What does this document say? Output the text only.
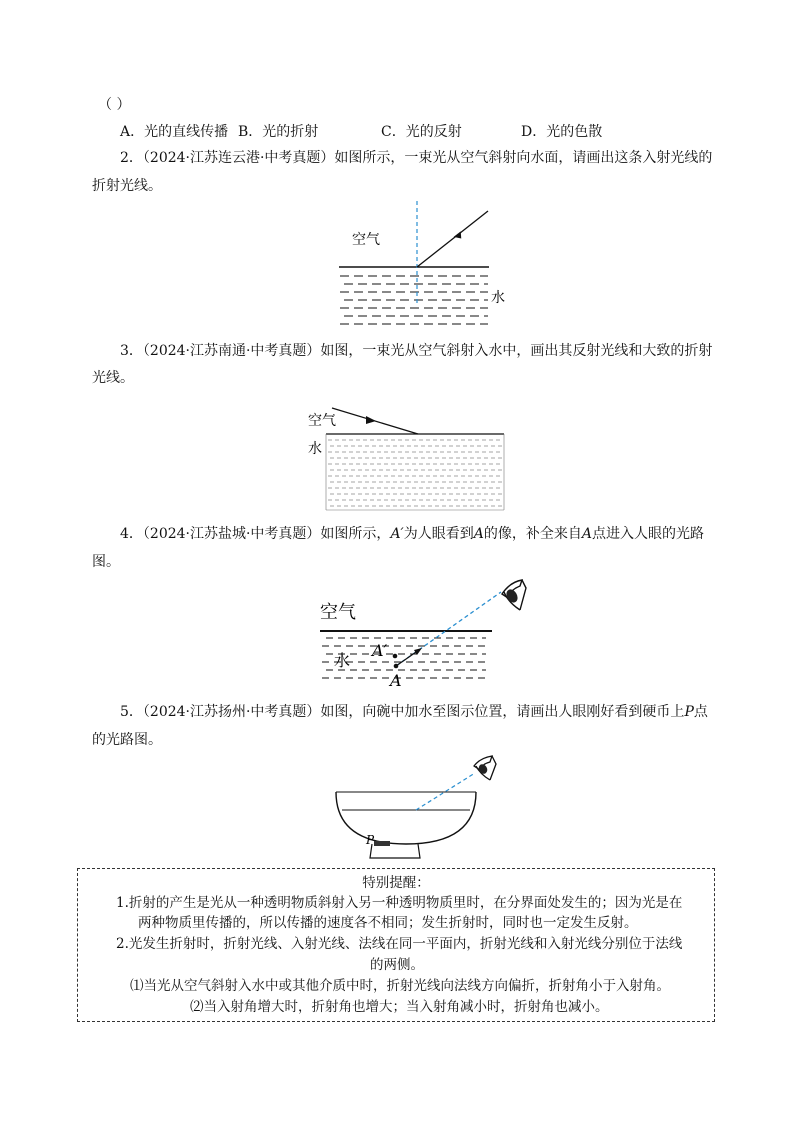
（ ）
A．光的直线传播 B．光的折射	C．光的反射	D．光的色散
2．（2024·江苏连云港·中考真题）如图所示，一束光从空气斜射向水面，请画出这条入射光线的
折射光线。
空气
水
3．（2024·江苏南通·中考真题）如图，一束光从空气斜射入水中，画出其反射光线和大致的折射
光线。
空气
水
4．（2024·江苏盐城·中考真题）如图所示，A′为人眼看到A的像，补全来自A点进入人眼的光路
图。
空气
水
A′
A
5．（2024·江苏扬州·中考真题）如图，向碗中加水至图示位置，请画出人眼刚好看到硬币上P点
的光路图。
P
特别提醒：
1.折射的产生是光从一种透明物质斜射入另一种透明物质里时，在分界面处发生的；因为光是在
两种物质里传播的，所以传播的速度各不相同；发生折射时，同时也一定发生反射。
2.光发生折射时，折射光线、入射光线、法线在同一平面内，折射光线和入射光线分别位于法线
的两侧。
⑴当光从空气斜射入水中或其他介质中时，折射光线向法线方向偏折，折射角小于入射角。
⑵当入射角增大时，折射角也增大；当入射角减小时，折射角也减小。
